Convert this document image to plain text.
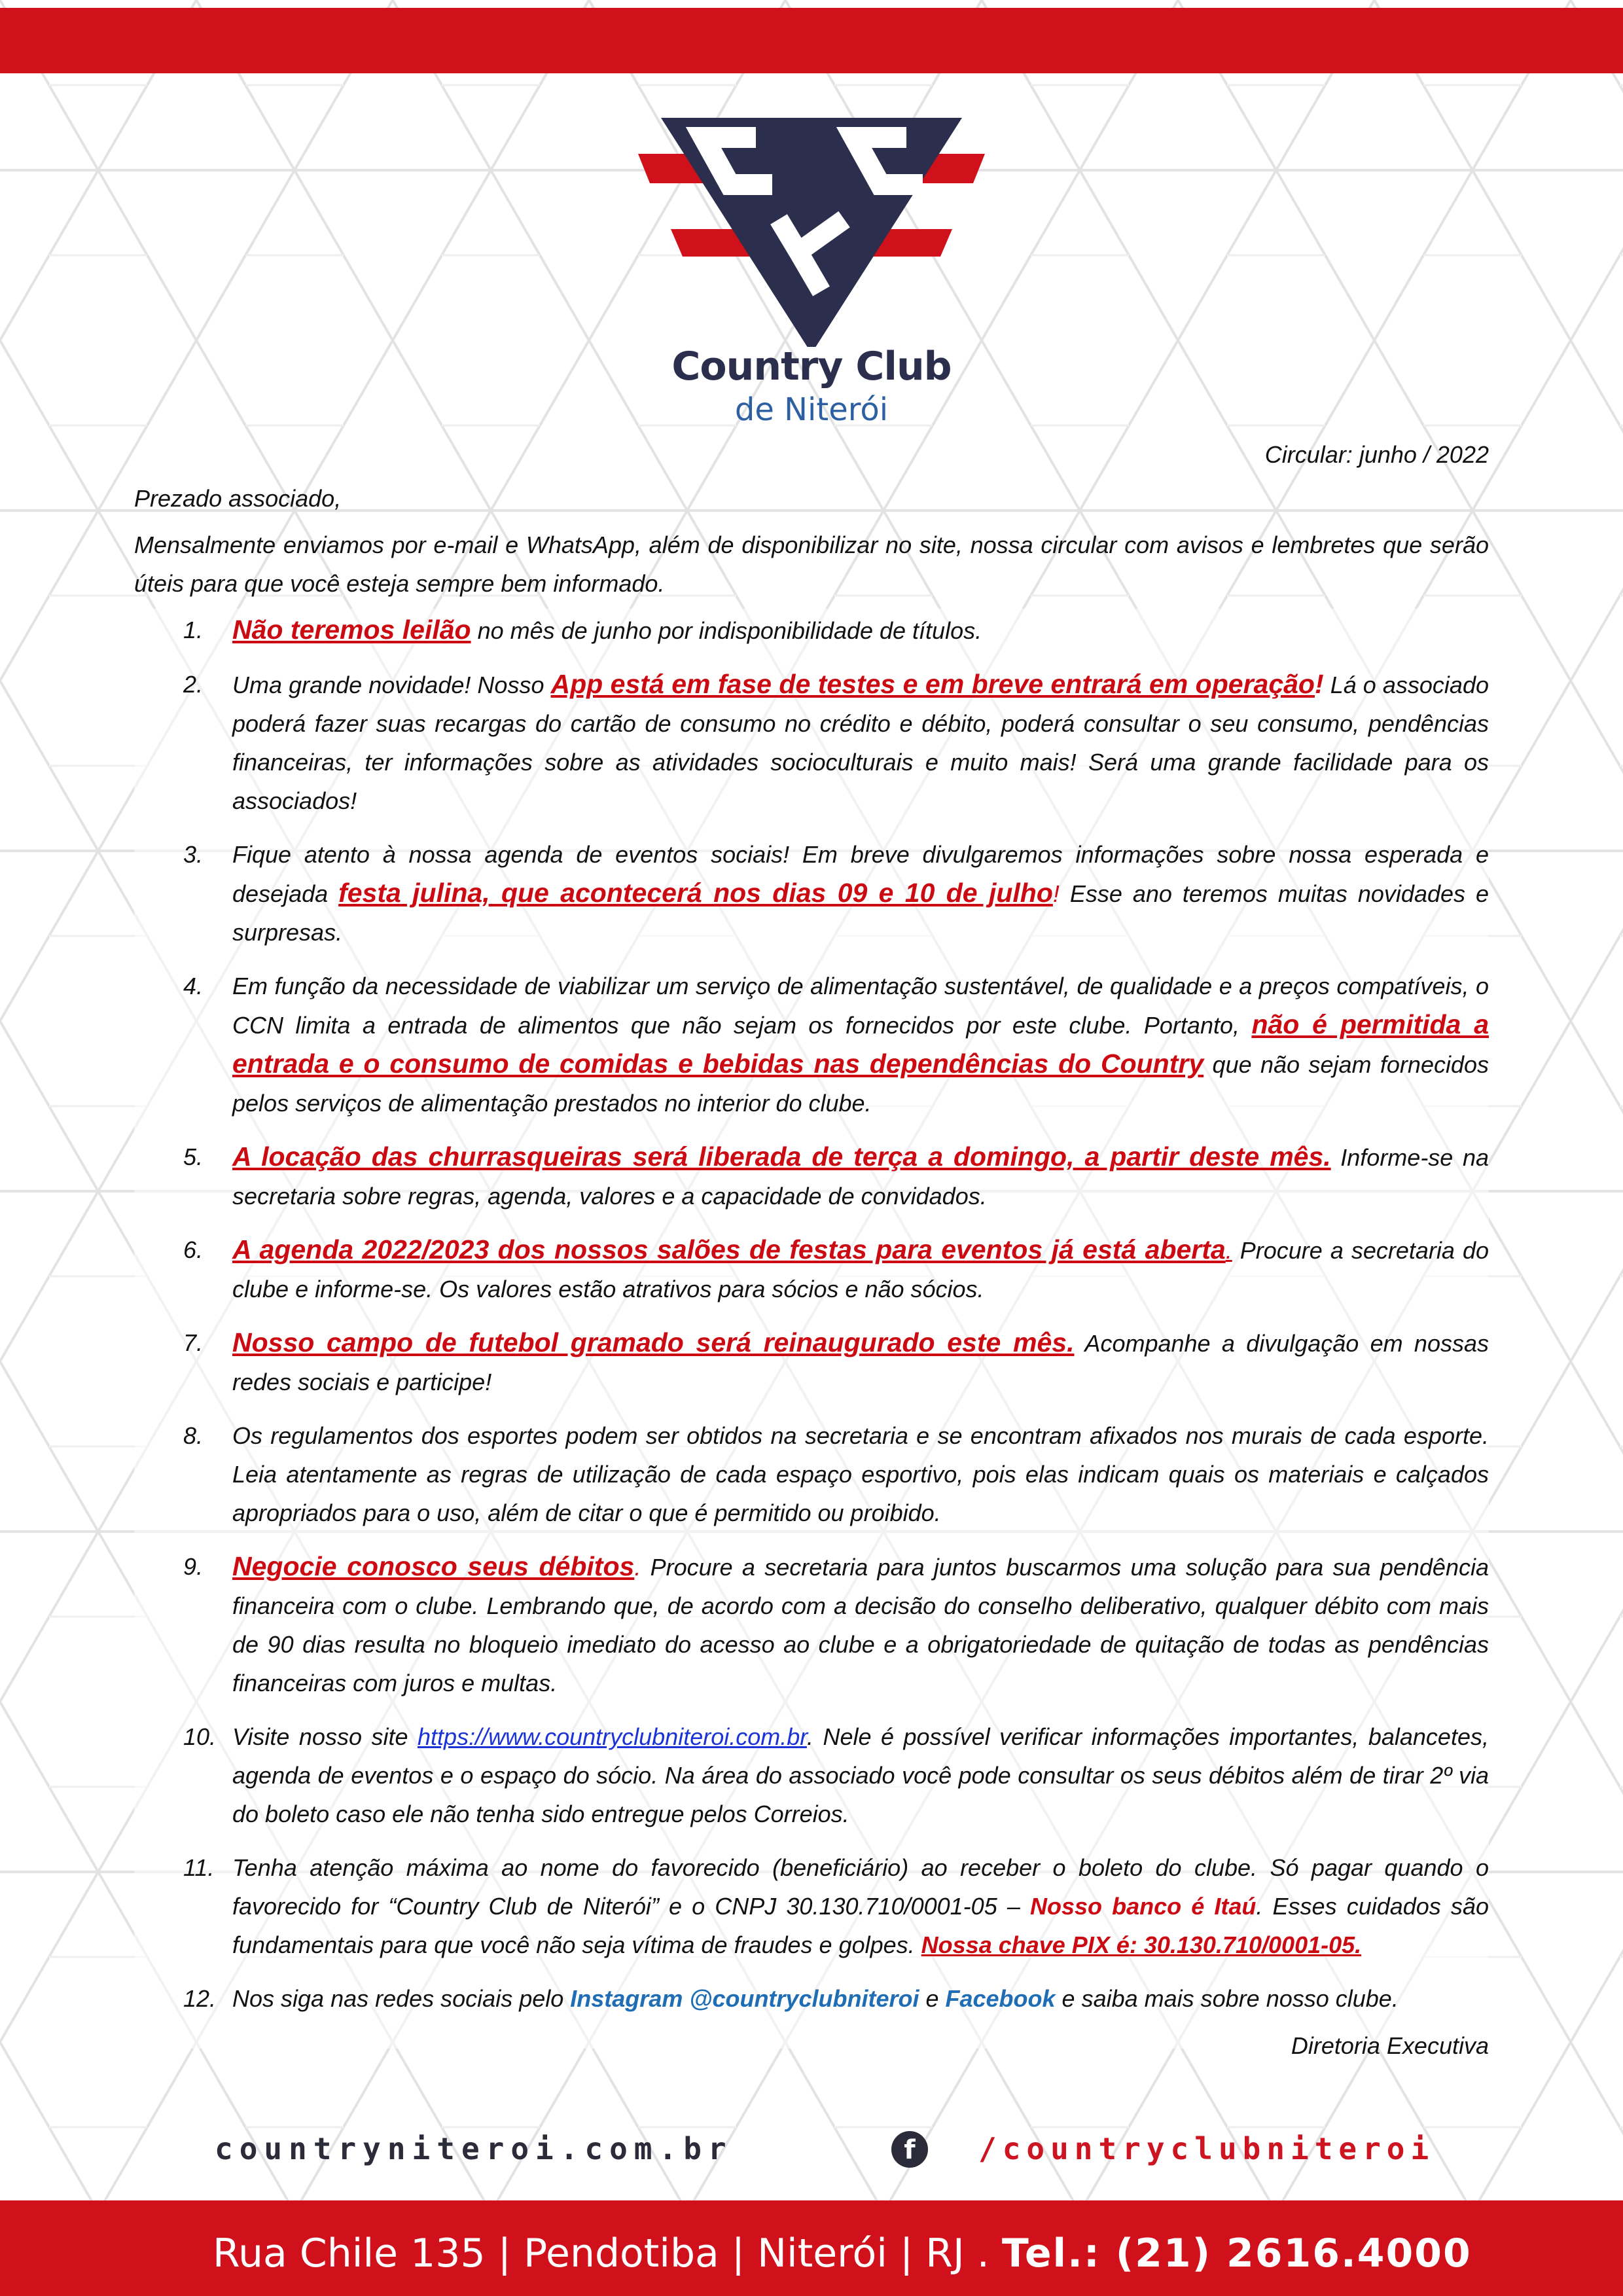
Country Club
de Niterói
Circular: junho / 2022
Prezado associado,
Mensalmente enviamos por e-mail e WhatsApp, além de disponibilizar no site, nossa circular com avisos e lembretes que serão úteis para que você esteja sempre bem informado.
1. Não teremos leilão no mês de junho por indisponibilidade de títulos.
2. Uma grande novidade! Nosso App está em fase de testes e em breve entrará em operação! Lá o associado poderá fazer suas recargas do cartão de consumo no crédito e débito, poderá consultar o seu consumo, pendências financeiras, ter informações sobre as atividades socioculturais e muito mais! Será uma grande facilidade para os associados!
3. Fique atento à nossa agenda de eventos sociais! Em breve divulgaremos informações sobre nossa esperada e desejada festa julina, que acontecerá nos dias 09 e 10 de julho! Esse ano teremos muitas novidades e surpresas.
4. Em função da necessidade de viabilizar um serviço de alimentação sustentável, de qualidade e a preços compatíveis, o CCN limita a entrada de alimentos que não sejam os fornecidos por este clube. Portanto, não é permitida a entrada e o consumo de comidas e bebidas nas dependências do Country que não sejam fornecidos pelos serviços de alimentação prestados no interior do clube.
5. A locação das churrasqueiras será liberada de terça a domingo, a partir deste mês. Informe-se na secretaria sobre regras, agenda, valores e a capacidade de convidados.
6. A agenda 2022/2023 dos nossos salões de festas para eventos já está aberta. Procure a secretaria do clube e informe-se. Os valores estão atrativos para sócios e não sócios.
7. Nosso campo de futebol gramado será reinaugurado este mês. Acompanhe a divulgação em nossas redes sociais e participe!
8. Os regulamentos dos esportes podem ser obtidos na secretaria e se encontram afixados nos murais de cada esporte. Leia atentamente as regras de utilização de cada espaço esportivo, pois elas indicam quais os materiais e calçados apropriados para o uso, além de citar o que é permitido ou proibido.
9. Negocie conosco seus débitos. Procure a secretaria para juntos buscarmos uma solução para sua pendência financeira com o clube. Lembrando que, de acordo com a decisão do conselho deliberativo, qualquer débito com mais de 90 dias resulta no bloqueio imediato do acesso ao clube e a obrigatoriedade de quitação de todas as pendências financeiras com juros e multas.
10. Visite nosso site https://www.countryclubniteroi.com.br. Nele é possível verificar informações importantes, balancetes, agenda de eventos e o espaço do sócio. Na área do associado você pode consultar os seus débitos além de tirar 2º via do boleto caso ele não tenha sido entregue pelos Correios.
11. Tenha atenção máxima ao nome do favorecido (beneficiário) ao receber o boleto do clube. Só pagar quando o favorecido for “Country Club de Niterói” e o CNPJ 30.130.710/0001-05 – Nosso banco é Itaú. Esses cuidados são fundamentais para que você não seja vítima de fraudes e golpes. Nossa chave PIX é: 30.130.710/0001-05.
12. Nos siga nas redes sociais pelo Instagram @countryclubniteroi e Facebook e saiba mais sobre nosso clube.
Diretoria Executiva
countryniteroi.com.br	f	/countryclubniteroi
Rua Chile 135 | Pendotiba | Niterói | RJ . Tel.: (21) 2616.4000
